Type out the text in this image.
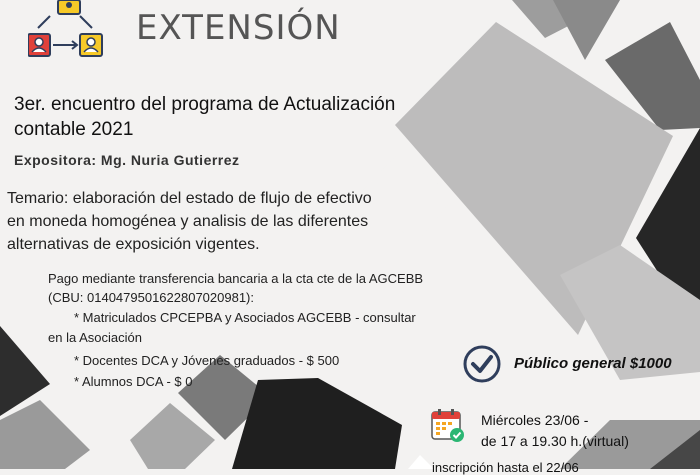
EXTENSIÓN
3er. encuentro del programa de Actualización
contable 2021
Expositora: Mg. Nuria Gutierrez
Temario: elaboración del estado de flujo de efectivo
en moneda homogénea y analisis de las diferentes
alternativas de exposición vigentes.
Pago mediante transferencia bancaria a la cta cte de la AGCEBB
(CBU: 0140479501622807020981):
* Matriculados CPCEPBA y Asociados AGCEBB - consultar
en la Asociación
* Docentes DCA y Jóvenes graduados - $ 500
* Alumnos DCA - $ 0
Público general $1000
Miércoles 23/06 -
de 17 a 19.30 h.(virtual)
inscripción hasta el 22/06
